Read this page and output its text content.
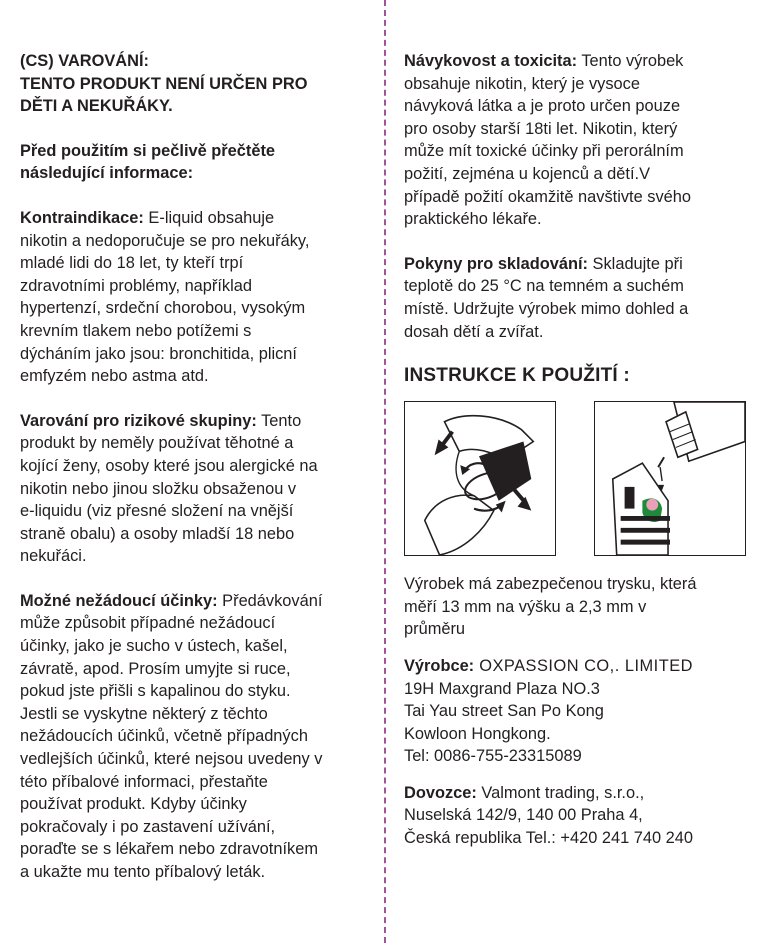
(CS) VAROVÁNÍ:

TENTO PRODUKT NENÍ URČEN PRO

DĚTI A NEKUŘÁKY.

Před použitím si pečlivě přečtěte

následující informace:

Kontraindikace: E-liquid obsahuje

nikotin a nedoporučuje se pro nekuřáky,

mladé lidi do 18 let, ty kteří trpí

zdravotními problémy, například

hypertenzí, srdeční chorobou, vysokým

krevním tlakem nebo potížemi s

dýcháním jako jsou: bronchitida, plicní

emfyzém nebo astma atd.

Varování pro rizikové skupiny: Tento

produkt by neměly používat těhotné a

kojící ženy, osoby které jsou alergické na

nikotin nebo jinou složku obsaženou v

e-liquidu (viz přesné složení na vnější

straně obalu) a osoby mladší 18 nebo

nekuřáci.

Možné nežádoucí účinky: Předávkování

může způsobit případné nežádoucí

účinky, jako je sucho v ústech, kašel,

závratě, apod. Prosím umyjte si ruce,

pokud jste přišli s kapalinou do styku.

Jestli se vyskytne některý z těchto

nežádoucích účinků, včetně případných

vedlejších účinků, které nejsou uvedeny v

této příbalové informaci, přestaňte

používat produkt. Kdyby účinky

pokračovaly i po zastavení užívání,

poraďte se s lékařem nebo zdravotníkem

a ukažte mu tento příbalový leták.

Návykovost a toxicita: Tento výrobek

obsahuje nikotin, který je vysoce

návyková látka a je proto určen pouze

pro osoby starší 18ti let. Nikotin, který

může mít toxické účinky při perorálním

požití, zejména u kojenců a dětí.V

případě požití okamžitě navštivte svého

praktického lékaře.

Pokyny pro skladování: Skladujte při

teplotě do 25 °C na temném a suchém

místě. Udržujte výrobek mimo dohled a

dosah dětí a zvířat.

INSTRUKCE K POUŽITÍ :

Výrobek má zabezpečenou trysku, která

měří 13 mm na výšku a 2,3 mm v

průměru

Výrobce: OXPASSION CO,. LIMITED

19H Maxgrand Plaza NO.3

Tai Yau street San Po Kong

Kowloon Hongkong.

Tel: 0086-755-23315089

Dovozce: Valmont trading, s.r.o.,

Nuselská 142/9, 140 00 Praha 4,

Česká republika Tel.: +420 241 740 240
